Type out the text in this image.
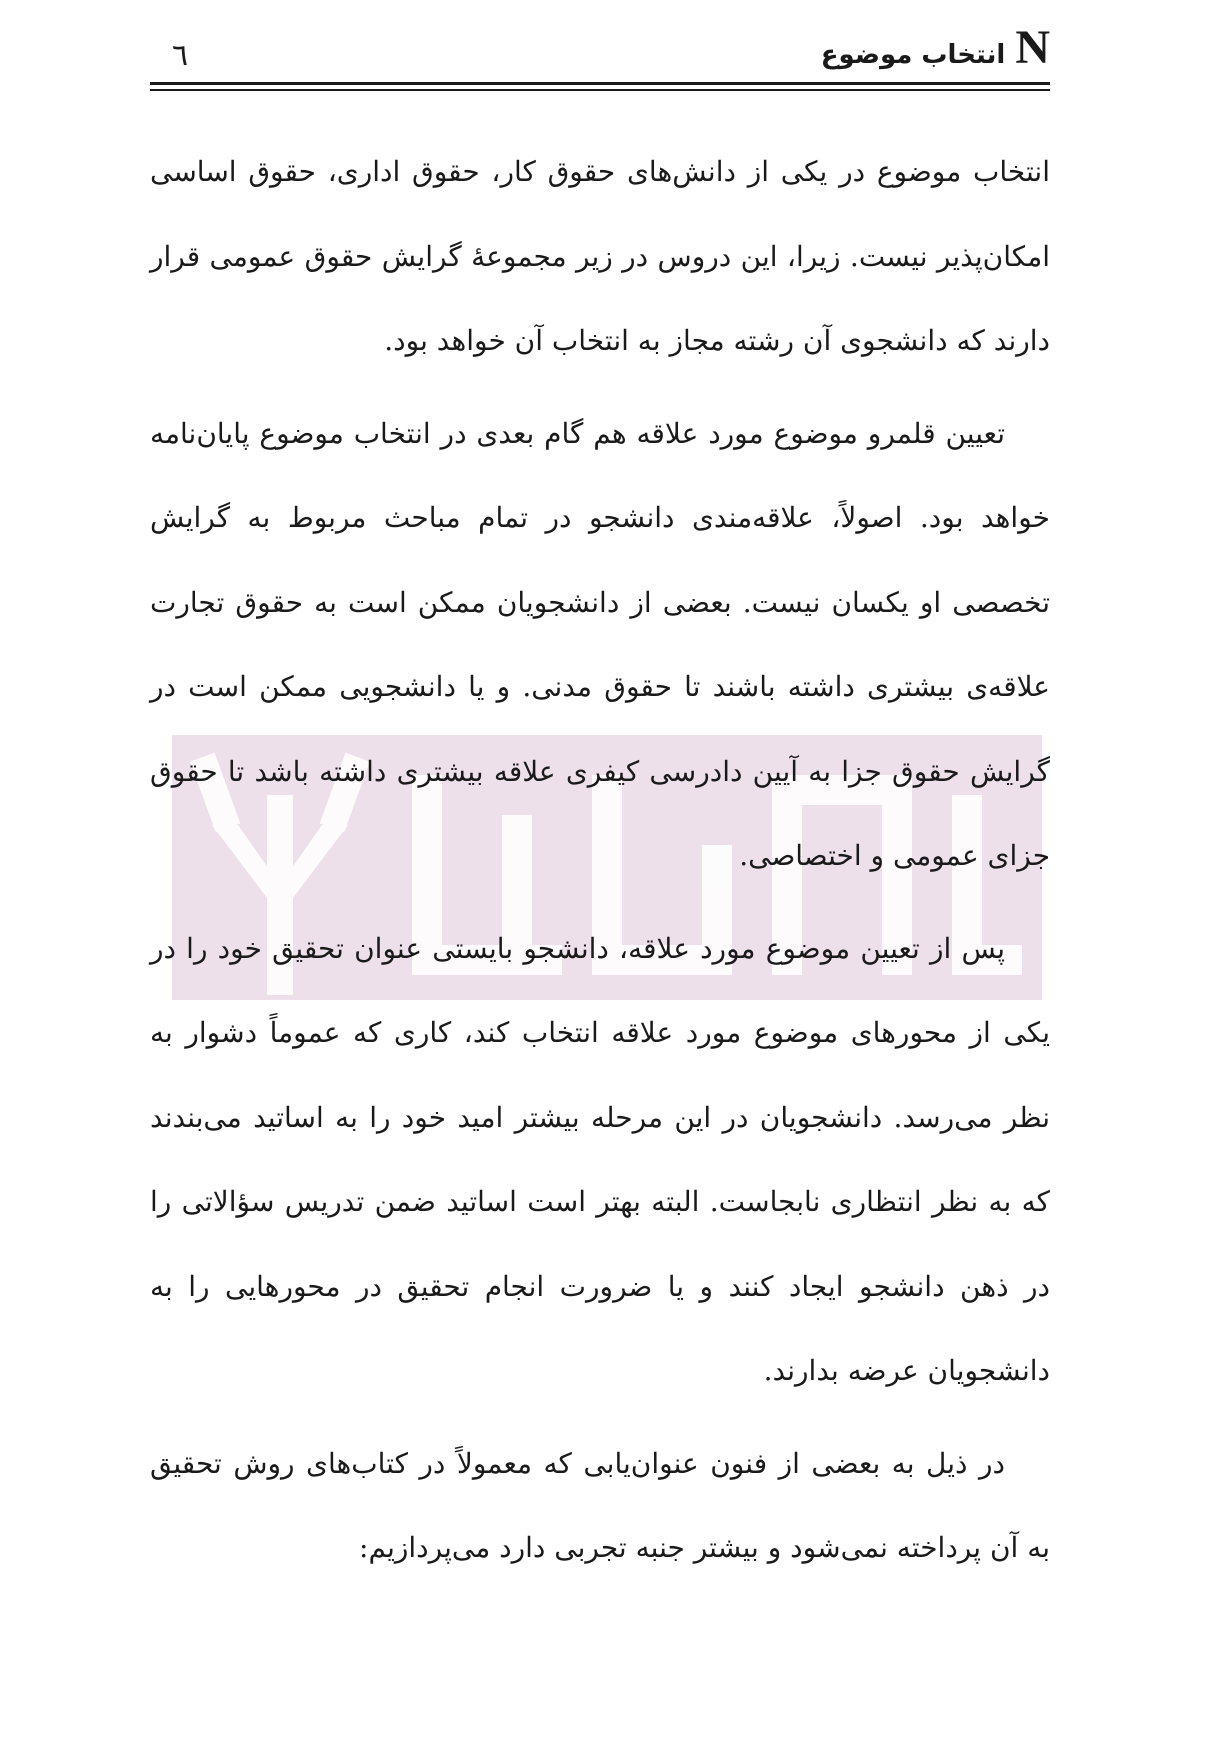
٦	N
انتخاب موضوع

انتخاب موضوع در یکی از دانش‌های حقوق کار، حقوق اداری، حقوق اساسی امکان‌پذیر نیست. زیرا، این دروس در زیر مجموعهٔ گرایش حقوق عمومی قرار دارند که دانشجوی آن رشته مجاز به انتخاب آن خواهد بود.

تعیین قلمرو موضوع مورد علاقه هم گام بعدی در انتخاب موضوع پایان‌نامه خواهد بود. اصولاً، علاقه‌مندی دانشجو در تمام مباحث مربوط به گرایش تخصصی او یکسان نیست. بعضی از دانشجویان ممکن است به حقوق تجارت علاقه‌ی بیشتری داشته باشند تا حقوق مدنی. و یا دانشجویی ممکن است در گرایش حقوق جزا به آیین دادرسی کیفری علاقه بیشتری داشته باشد تا حقوق جزای عمومی و اختصاصی.

پس از تعیین موضوع مورد علاقه، دانشجو بایستی عنوان تحقیق خود را در یکی از محورهای موضوع مورد علاقه انتخاب کند، کاری که عموماً دشوار به نظر می‌رسد. دانشجویان در این مرحله بیشتر امید خود را به اساتید می‌بندند که به نظر انتظاری نابجاست. البته بهتر است اساتید ضمن تدریس سؤالاتی را در ذهن دانشجو ایجاد کنند و یا ضرورت انجام تحقیق در محورهایی را به دانشجویان عرضه بدارند.

در ذیل به بعضی از فنون عنوان‌یابی که معمولاً در کتاب‌های روش تحقیق به آن پرداخته نمی‌شود و بیشتر جنبه تجربی دارد می‌پردازیم:
